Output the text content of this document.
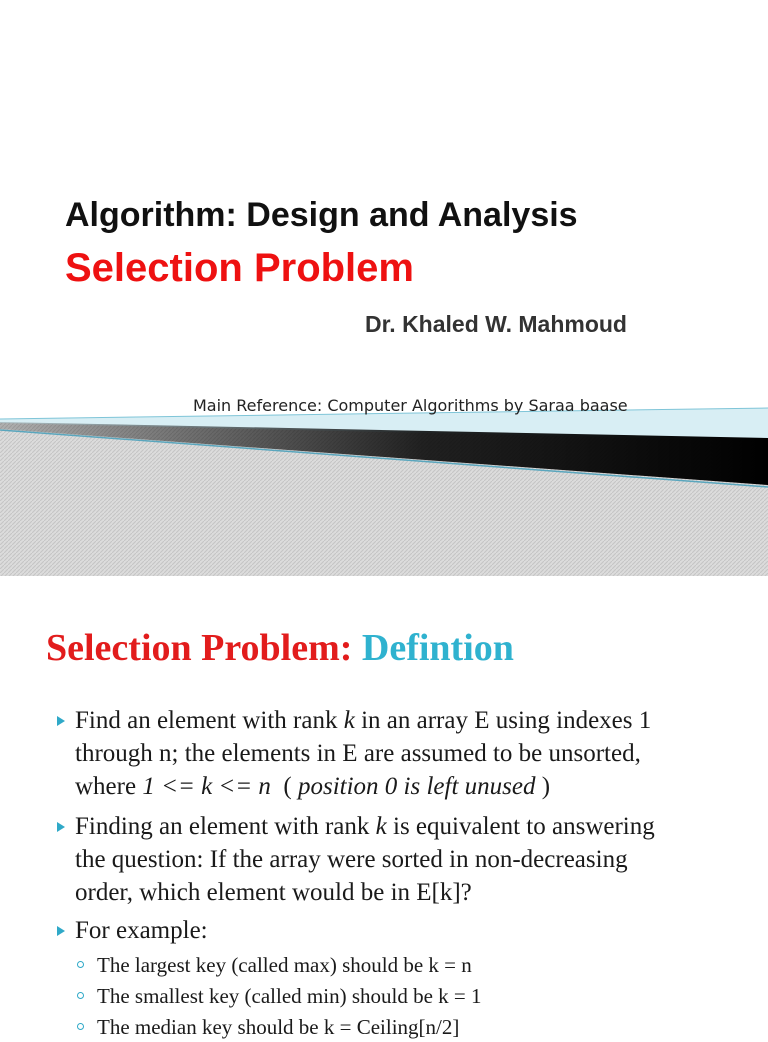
Algorithm: Design and Analysis
Selection Problem
Dr. Khaled W. Mahmoud
Main Reference: Computer Algorithms by Saraa baase
Selection Problem: Defintion
Find an element with rank k in an array E using indexes 1
through n; the elements in E are assumed to be unsorted,
where 1 <= k <= n  ( position 0 is left unused )
Finding an element with rank k is equivalent to answering
the question: If the array were sorted in non-decreasing
order, which element would be in E[k]?
For example:
The largest key (called max) should be k = n
The smallest key (called min) should be k = 1
The median key should be k = Ceiling[n/2]
